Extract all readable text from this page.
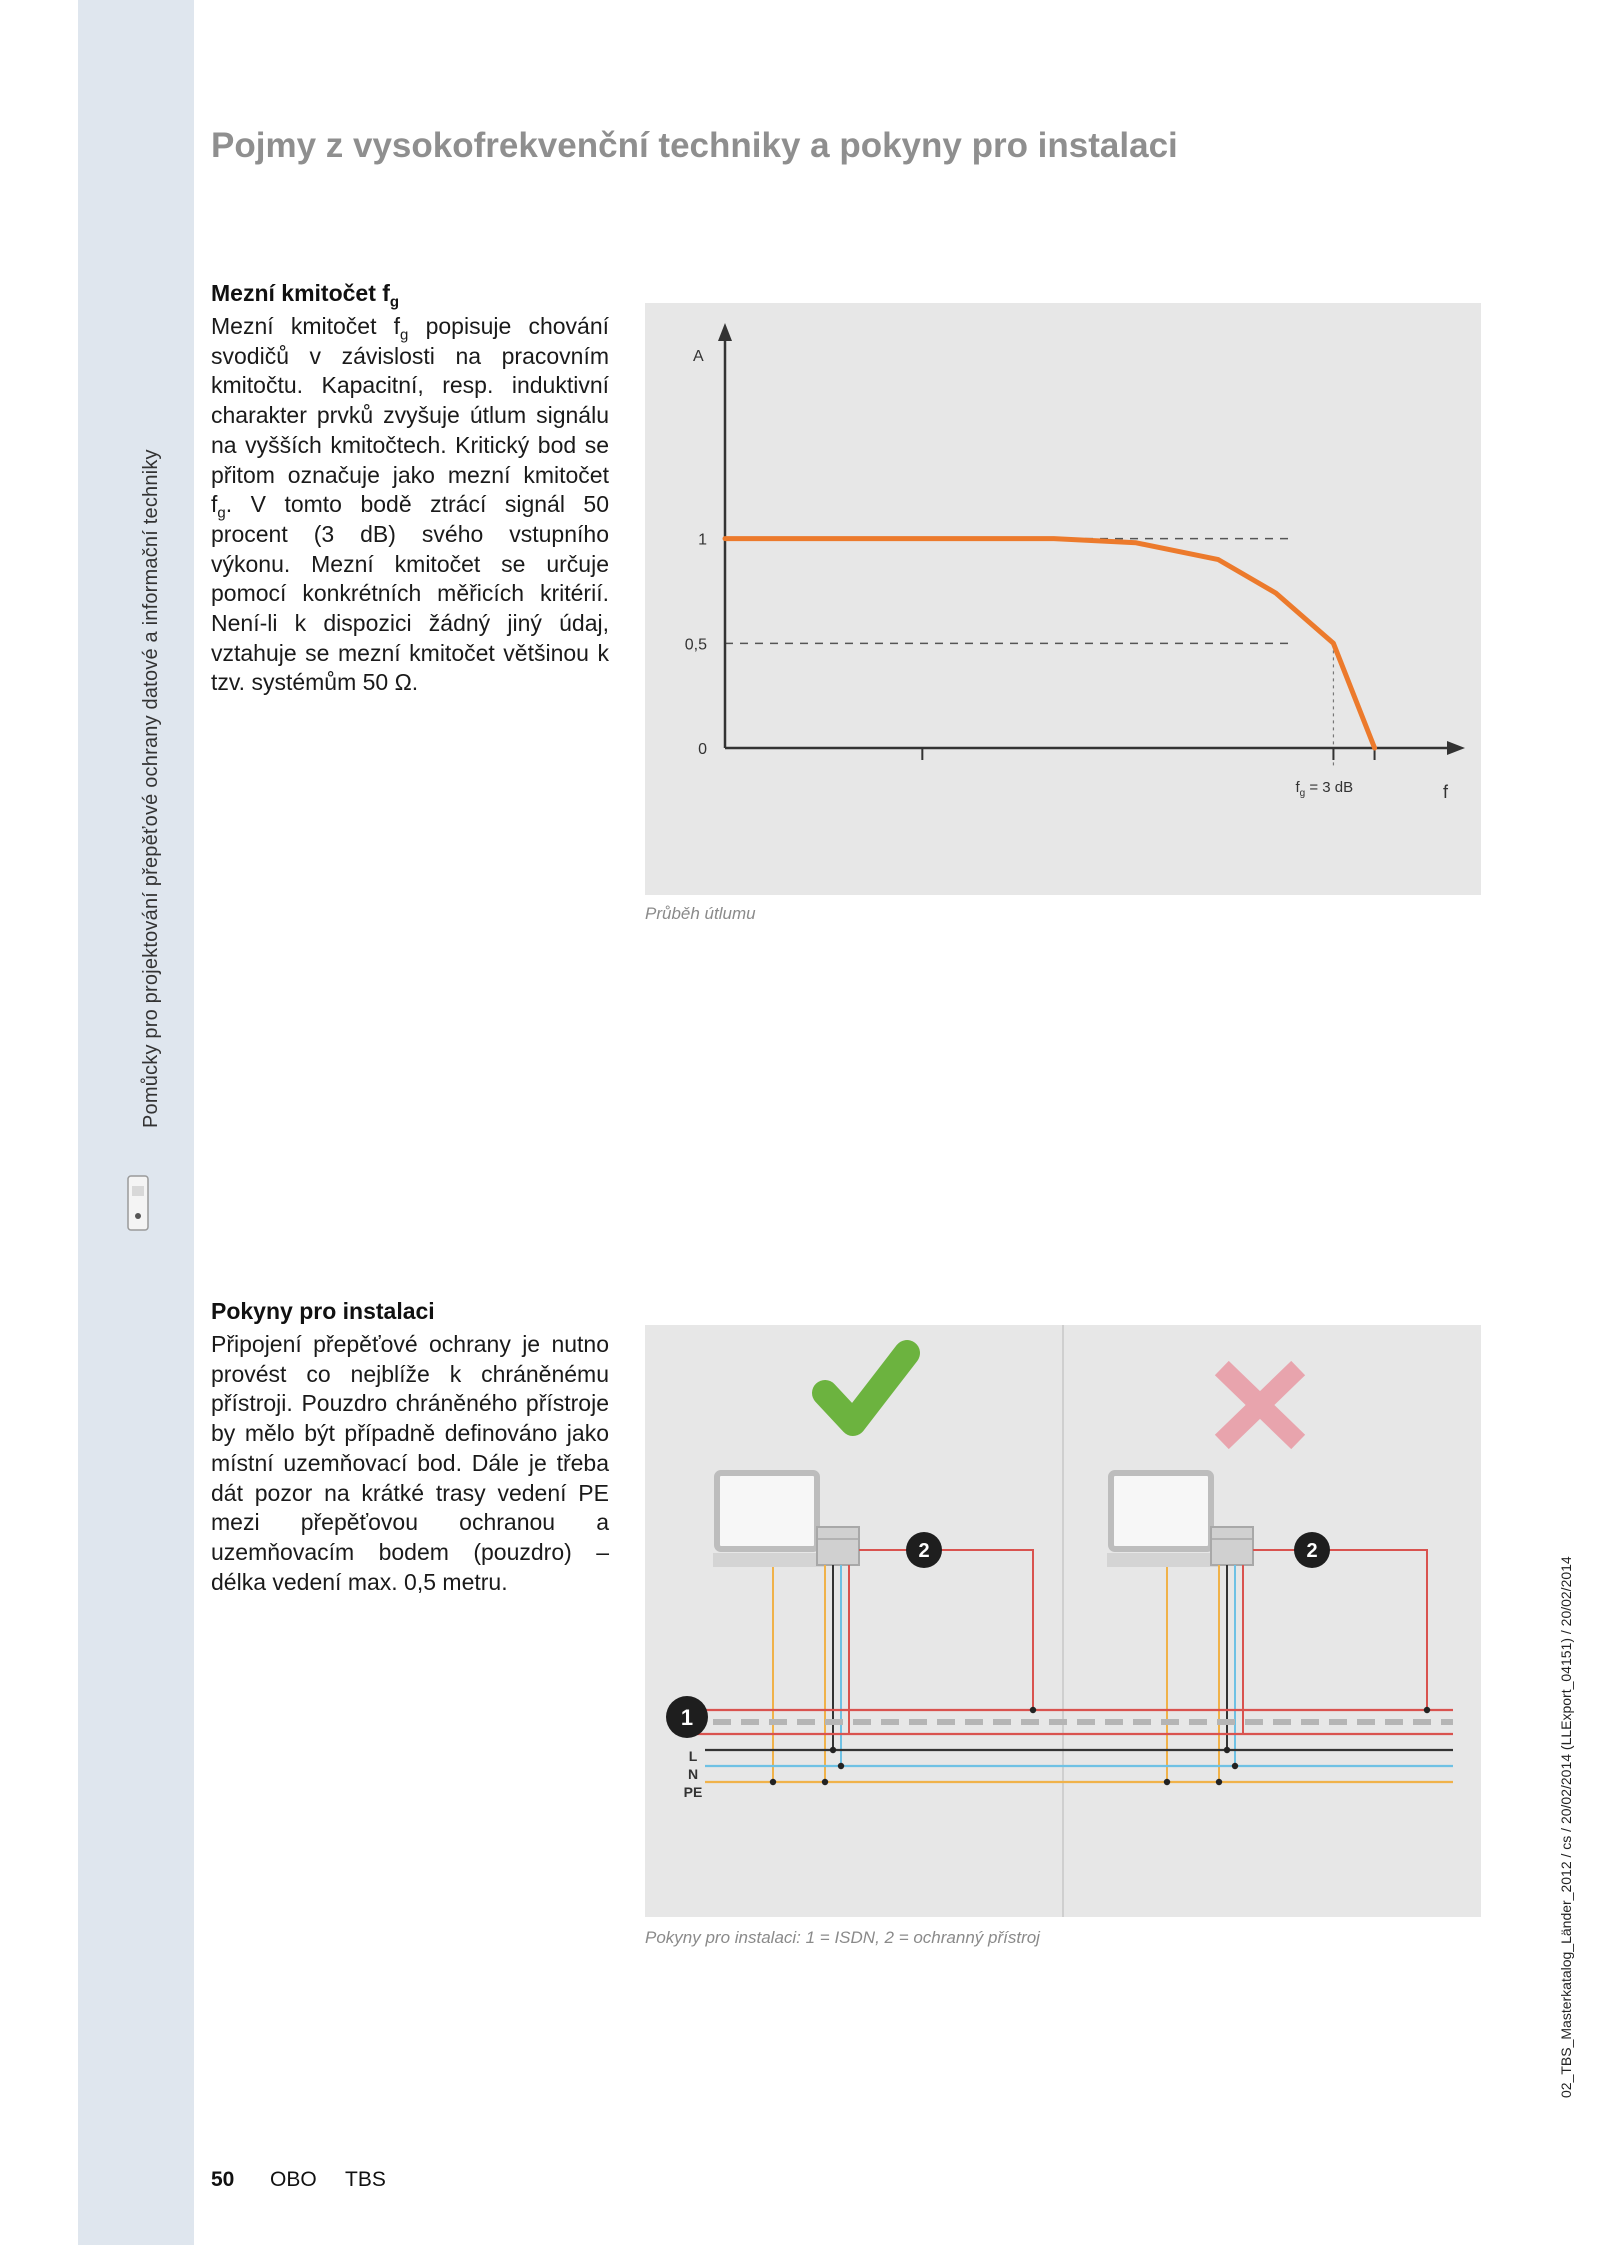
Pomůcky pro projektování přepěťové ochrany datové a informační techniky
Pojmy z vysokofrekvenční techniky a pokyny pro instalaci
Mezní kmitočet $f_g$
Mezní kmitočet $f_g$ popisuje chování svodičů v závislosti na pracovním kmitočtu. Kapacitní, resp. induktivní charakter prvků zvyšuje útlum signálu na vyšších kmitočtech. Kritický bod se přitom označuje jako mezní kmitočet $f_g$. V tomto bodě ztrácí signál 50 procent (3 dB) svého vstupního výkonu. Mezní kmitočet se určuje pomocí konkrétních měřicích kritérií. Není-li k dispozici žádný jiný údaj, vztahuje se mezní kmitočet většinou k tzv. systémům 50 Ω.
1
0,5
0
A
f
$f_g = 3$ dB
Průběh útlumu
Pokyny pro instalaci
Připojení přepěťové ochrany je nutno provést co nejblíže k chráněnému přístroji. Pouzdro chráněného přístroje by mělo být případně definováno jako místní uzemňovací bod. Dále je třeba dát pozor na krátké trasy vedení PE mezi přepěťovou ochranou a uzemňovacím bodem (pouzdro) – délka vedení max. 0,5 metru.
2	2
1
L
N
PE
Pokyny pro instalaci: 1 = ISDN, 2 = ochranný přístroj
50 OBO TBS
02_TBS_Masterkatalog_Länder_2012 / cs / 20/02/2014 (LLExport_04151) / 20/02/2014
